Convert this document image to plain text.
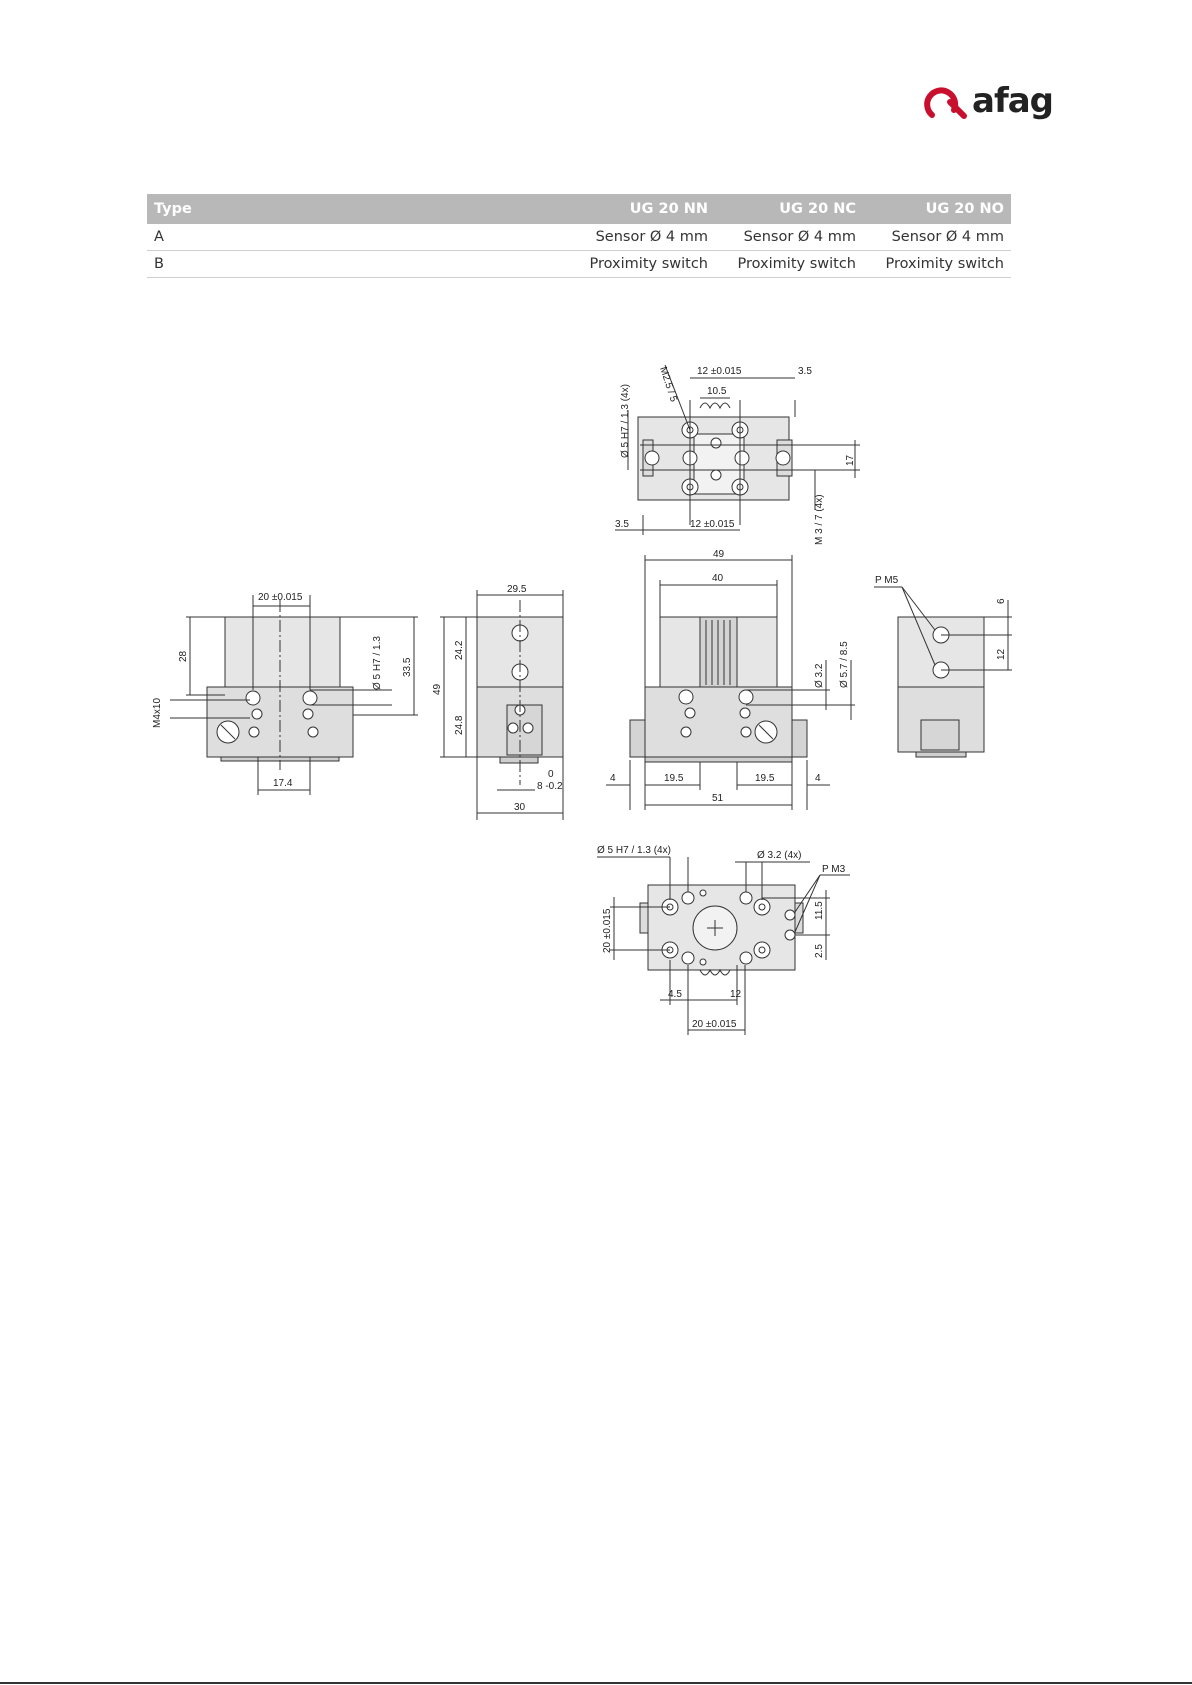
afag
Type	UG 20 NN	UG 20 NC	UG 20 NO
A	Sensor Ø 4 mm	Sensor Ø 4 mm	Sensor Ø 4 mm
B	Proximity switch	Proximity switch	Proximity switch
12 ±0.015	3.5
10.5
M2.5 / 5
Ø 5 H7 / 1.3 (4x)
17
3.5	12 ±0.015	M 3 / 7 (4x)
20 ±0.015
28	Ø 5 H7 / 1.3 33.5
M4x10
17.4
29.5
24.2
49
24.8
0
8 -0.2
30
49
40
Ø 3.2 Ø 5.7 / 8.5
4	19.5	19.5	4
51
P M5
6
12
Ø 5 H7 / 1.3 (4x)	Ø 3.2 (4x)
P M3
20 ±0.015	11.5
2.5
4.5	12
20 ±0.015
